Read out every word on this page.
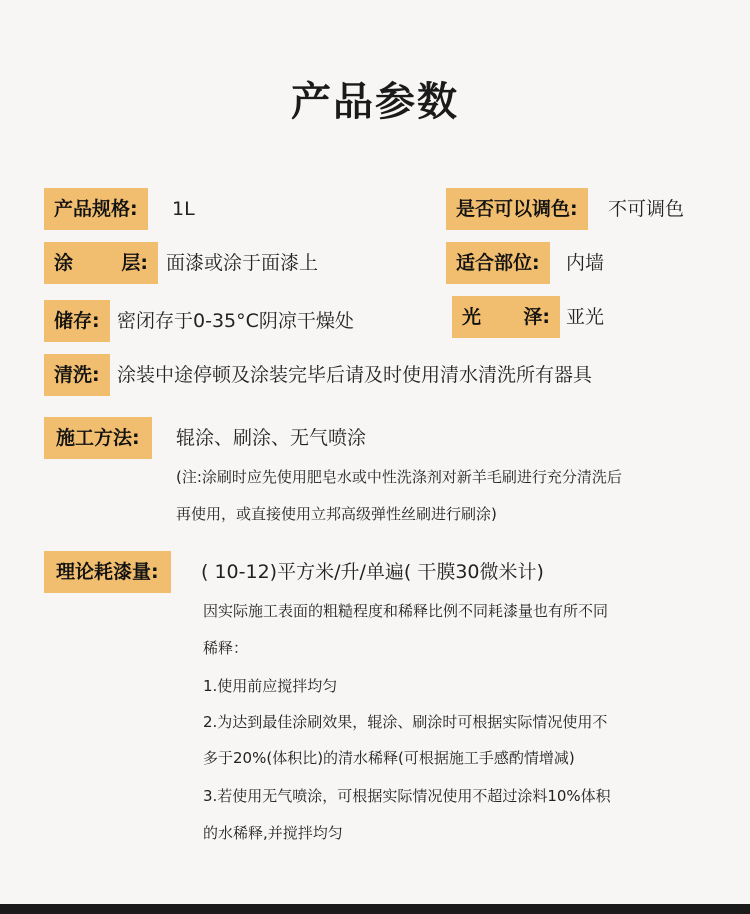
产品参数
产品规格:	1L	是否可以调色:	不可调色
涂	层: 面漆或涂于面漆上	适合部位:	内墙
储存: 密闭存于0-35°C阴凉干燥处	光 泽: 亚光
清洗: 涂装中途停顿及涂装完毕后请及时使用清水清洗所有器具
施工方法:	辊涂、刷涂、无气喷涂
(注:涂刷时应先使用肥皂水或中性洗涤剂对新羊毛刷进行充分清洗后
再使用，或直接使用立邦高级弹性丝刷进行刷涂)
理论耗漆量:	( 10-12)平方米/升/单遍( 干膜30微米计)
因实际施工表面的粗糙程度和稀释比例不同耗漆量也有所不同
稀释：
1.使用前应搅拌均匀
2.为达到最佳涂刷效果，辊涂、刷涂时可根据实际情况使用不
多于20%(体积比)的清水稀释(可根据施工手感酌情增减)
3.若使用无气喷涂，可根据实际情况使用不超过涂料10%体积
的水稀释,并搅拌均匀
